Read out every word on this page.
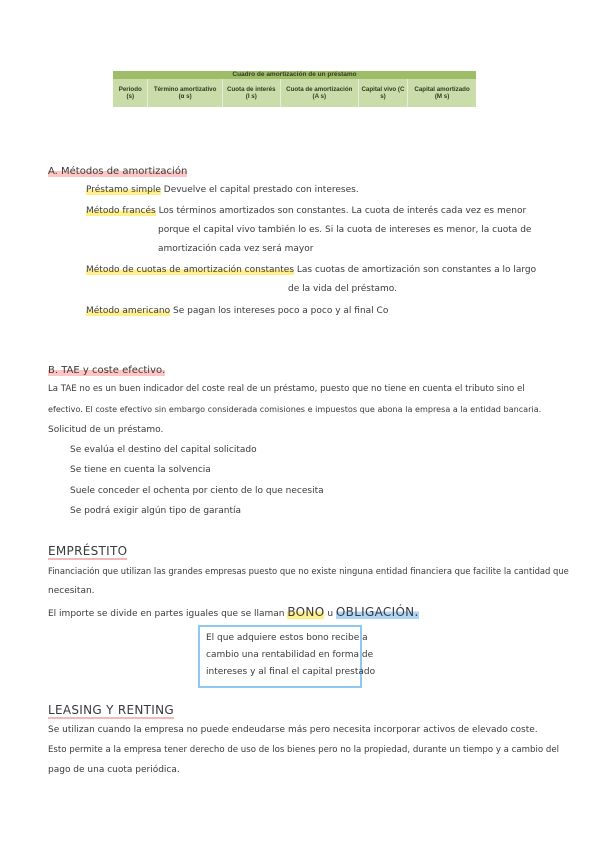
Cuadro de amortización de un préstamo
Periodo (s)	Término amortizativo (α s)	Cuota de interés (I s)	Cuota de amortización (A s)	Capital vivo (C s)	Capital amortizado (M s)
A. Métodos de amortización
Préstamo simple Devuelve el capital prestado con intereses.
Método francés Los términos amortizados son constantes. La cuota de interés cada vez es menor
porque el capital vivo también lo es. Si la cuota de intereses es menor, la cuota de
amortización cada vez será mayor
Método de cuotas de amortización constantes Las cuotas de amortización son constantes a lo largo
de la vida del préstamo.
Método americano Se pagan los intereses poco a poco y al final Co
B. TAE y coste efectivo.
La TAE no es un buen indicador del coste real de un préstamo, puesto que no tiene en cuenta el tributo sino el
efectivo. El coste efectivo sin embargo considerada comisiones e impuestos que abona la empresa a la entidad bancaria.
Solicitud de un préstamo.
Se evalúa el destino del capital solicitado
Se tiene en cuenta la solvencia
Suele conceder el ochenta por ciento de lo que necesita
Se podrá exigir algún tipo de garantía
EMPRÉSTITO
Financiación que utilizan las grandes empresas puesto que no existe ninguna entidad financiera que facilite la cantidad que
necesitan.
El importe se divide en partes iguales que se llaman BONO u OBLIGACIÓN.
El que adquiere estos bono recibe a
cambio una rentabilidad en forma de
intereses y al final el capital prestado
LEASING Y RENTING
Se utilizan cuando la empresa no puede endeudarse más pero necesita incorporar activos de elevado coste.
Esto permite a la empresa tener derecho de uso de los bienes pero no la propiedad, durante un tiempo y a cambio del
pago de una cuota periódica.
